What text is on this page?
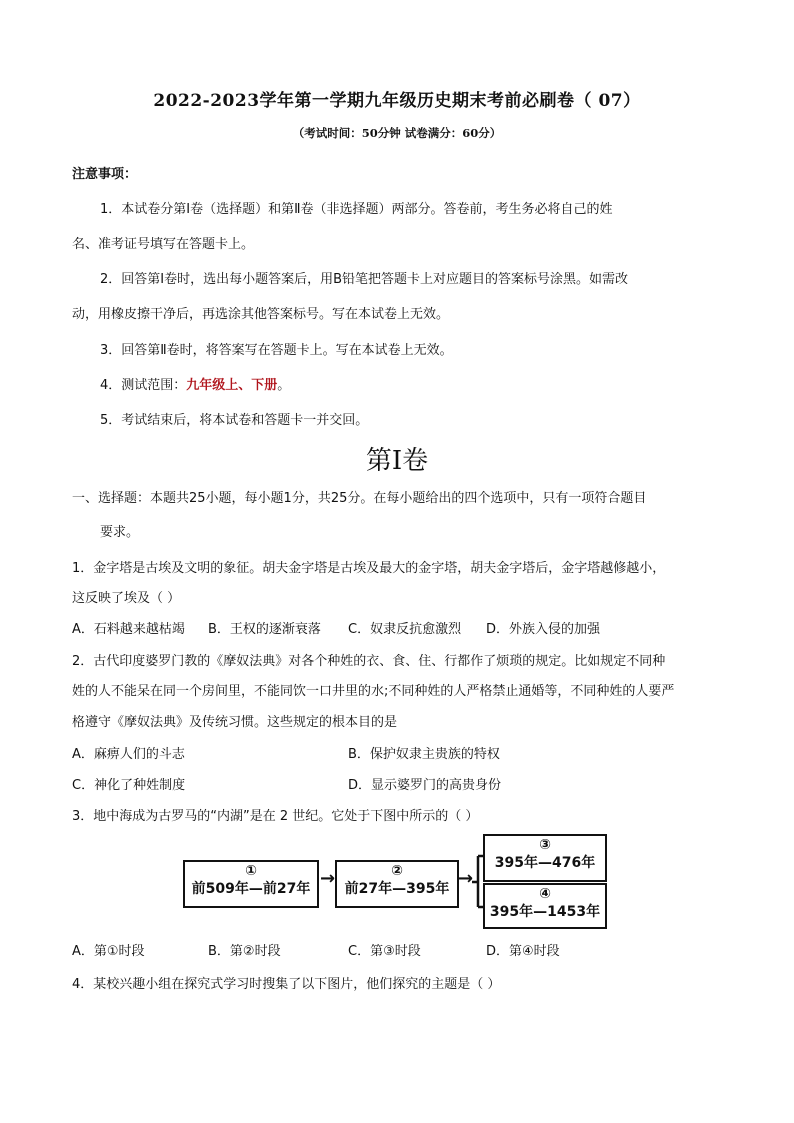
2022-2023学年第一学期九年级历史期末考前必刷卷（ 07）
（考试时间：50分钟 试卷满分：60分）
注意事项：
1．本试卷分第Ⅰ卷（选择题）和第Ⅱ卷（非选择题）两部分。答卷前，考生务必将自己的姓
名、准考证号填写在答题卡上。
2．回答第Ⅰ卷时，选出每小题答案后，用B铅笔把答题卡上对应题目的答案标号涂黑。如需改
动，用橡皮擦干净后，再选涂其他答案标号。写在本试卷上无效。
3．回答第Ⅱ卷时，将答案写在答题卡上。写在本试卷上无效。
4．测试范围：九年级上、下册。
5．考试结束后，将本试卷和答题卡一并交回。
第Ⅰ卷
一、选择题：本题共25小题，每小题1分，共25分。在每小题给出的四个选项中，只有一项符合题目
要求。
1．金字塔是古埃及文明的象征。胡夫金字塔是古埃及最大的金字塔，胡夫金字塔后，金字塔越修越小，
这反映了埃及（ ）
A．石料越来越枯竭 B．王权的逐渐衰落 C．奴隶反抗愈激烈 D．外族入侵的加强
2．古代印度婆罗门教的《摩奴法典》对各个种姓的衣、食、住、行都作了烦琐的规定。比如规定不同种
姓的人不能呆在同一个房间里，不能同饮一口井里的水;不同种姓的人严格禁止通婚等，不同种姓的人要严
格遵守《摩奴法典》及传统习惯。这些规定的根本目的是
A．麻痹人们的斗志	B．保护奴隶主贵族的特权
C．神化了种姓制度	D．显示婆罗门的高贵身份
3．地中海成为古罗马的“内湖”是在 2 世纪。它处于下图中所示的（ ）
①
前509年—前27年 →	②
前27年—395年 →
③
395年—476年
④
395年—1453年
A．第①时段	B．第②时段	C．第③时段	D．第④时段
4．某校兴趣小组在探究式学习时搜集了以下图片，他们探究的主题是（ ）
